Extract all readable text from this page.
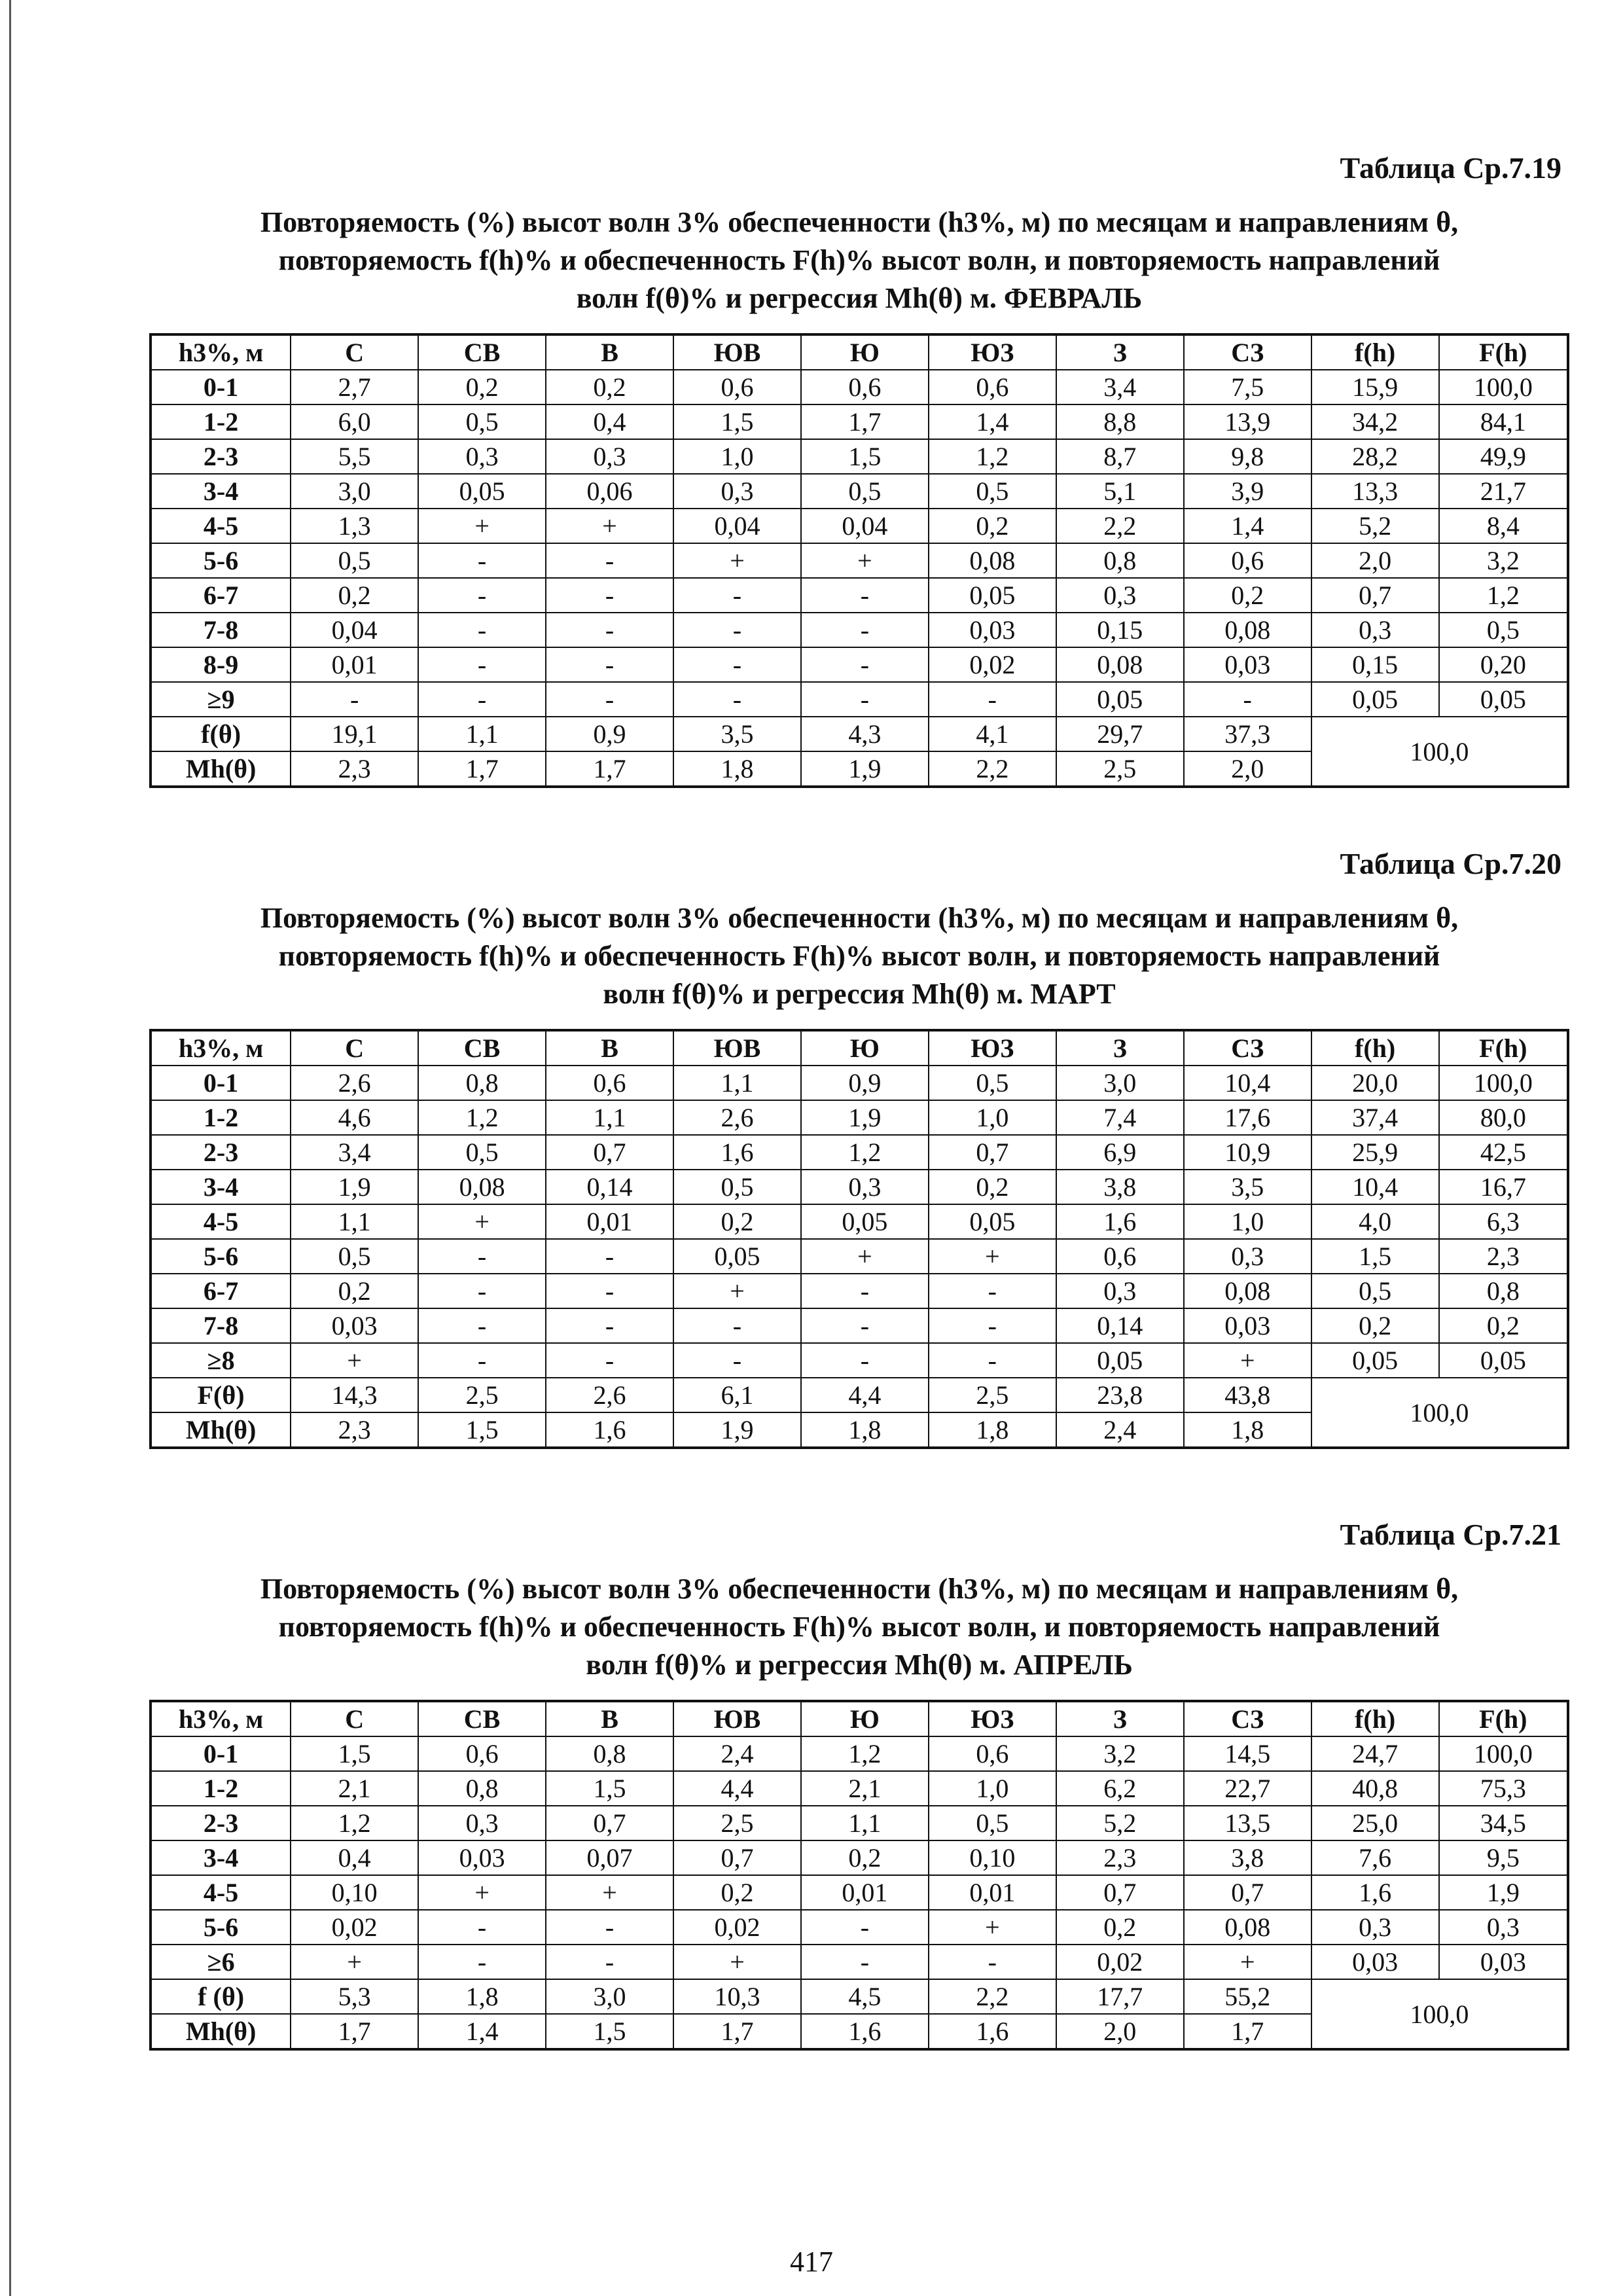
Таблица Ср.7.19
Повторяемость (%) высот волн 3% обеспеченности (h3%, м) по месяцам и направлениям θ,
повторяемость f(h)% и обеспеченность F(h)% высот волн, и повторяемость направлений
волн f(θ)% и регрессия Mh(θ) м. ФЕВРАЛЬ
h3%, м	С	СВ	В	ЮВ	Ю	ЮЗ	З	СЗ	f(h)	F(h)
0-1	2,7	0,2	0,2	0,6	0,6	0,6	3,4	7,5	15,9	100,0
1-2	6,0	0,5	0,4	1,5	1,7	1,4	8,8	13,9	34,2	84,1
2-3	5,5	0,3	0,3	1,0	1,5	1,2	8,7	9,8	28,2	49,9
3-4	3,0	0,05	0,06	0,3	0,5	0,5	5,1	3,9	13,3	21,7
4-5	1,3	+	+	0,04	0,04	0,2	2,2	1,4	5,2	8,4
5-6	0,5	-	-	+	+	0,08	0,8	0,6	2,0	3,2
6-7	0,2	-	-	-	-	0,05	0,3	0,2	0,7	1,2
7-8	0,04	-	-	-	-	0,03	0,15	0,08	0,3	0,5
8-9	0,01	-	-	-	-	0,02	0,08	0,03	0,15	0,20
≥9	-	-	-	-	-	-	0,05	-	0,05	0,05
f(θ)	19,1	1,1	0,9	3,5	4,3	4,1	29,7	37,3	100,0	
Mh(θ)	2,3	1,7	1,7	1,8	1,9	2,2	2,5	2,0		
Таблица Ср.7.20
Повторяемость (%) высот волн 3% обеспеченности (h3%, м) по месяцам и направлениям θ,
повторяемость f(h)% и обеспеченность F(h)% высот волн, и повторяемость направлений
волн f(θ)% и регрессия Mh(θ) м. МАРТ
h3%, м	С	СВ	В	ЮВ	Ю	ЮЗ	З	СЗ	f(h)	F(h)
0-1	2,6	0,8	0,6	1,1	0,9	0,5	3,0	10,4	20,0	100,0
1-2	4,6	1,2	1,1	2,6	1,9	1,0	7,4	17,6	37,4	80,0
2-3	3,4	0,5	0,7	1,6	1,2	0,7	6,9	10,9	25,9	42,5
3-4	1,9	0,08	0,14	0,5	0,3	0,2	3,8	3,5	10,4	16,7
4-5	1,1	+	0,01	0,2	0,05	0,05	1,6	1,0	4,0	6,3
5-6	0,5	-	-	0,05	+	+	0,6	0,3	1,5	2,3
6-7	0,2	-	-	+	-	-	0,3	0,08	0,5	0,8
7-8	0,03	-	-	-	-	-	0,14	0,03	0,2	0,2
≥8	+	-	-	-	-	-	0,05	+	0,05	0,05
F(θ)	14,3	2,5	2,6	6,1	4,4	2,5	23,8	43,8	100,0	
Mh(θ)	2,3	1,5	1,6	1,9	1,8	1,8	2,4	1,8		
Таблица Ср.7.21
Повторяемость (%) высот волн 3% обеспеченности (h3%, м) по месяцам и направлениям θ,
повторяемость f(h)% и обеспеченность F(h)% высот волн, и повторяемость направлений
волн f(θ)% и регрессия Mh(θ) м. АПРЕЛЬ
h3%, м	С	СВ	В	ЮВ	Ю	ЮЗ	З	СЗ	f(h)	F(h)
0-1	1,5	0,6	0,8	2,4	1,2	0,6	3,2	14,5	24,7	100,0
1-2	2,1	0,8	1,5	4,4	2,1	1,0	6,2	22,7	40,8	75,3
2-3	1,2	0,3	0,7	2,5	1,1	0,5	5,2	13,5	25,0	34,5
3-4	0,4	0,03	0,07	0,7	0,2	0,10	2,3	3,8	7,6	9,5
4-5	0,10	+	+	0,2	0,01	0,01	0,7	0,7	1,6	1,9
5-6	0,02	-	-	0,02	-	+	0,2	0,08	0,3	0,3
≥6	+	-	-	+	-	-	0,02	+	0,03	0,03
f (θ)	5,3	1,8	3,0	10,3	4,5	2,2	17,7	55,2	100,0	
Mh(θ)	1,7	1,4	1,5	1,7	1,6	1,6	2,0	1,7		
417
